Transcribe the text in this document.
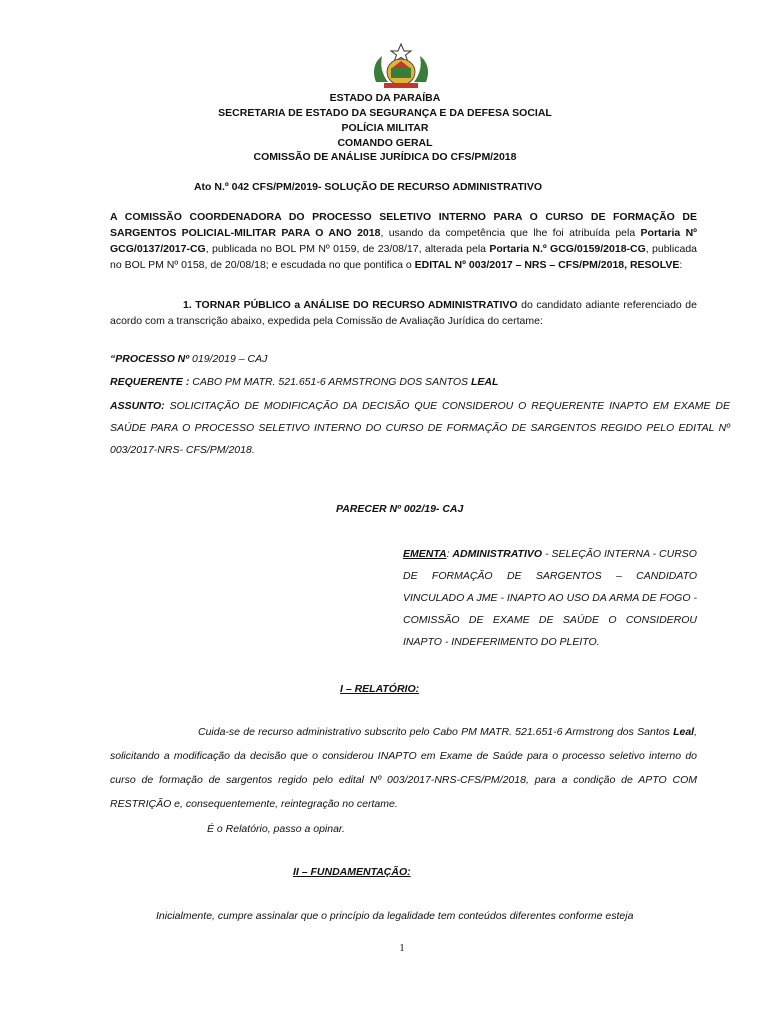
ESTADO DA PARAÍBA
SECRETARIA DE ESTADO DA SEGURANÇA E DA DEFESA SOCIAL
POLÍCIA MILITAR
COMANDO GERAL
COMISSÃO DE ANÁLISE JURÍDICA DO CFS/PM/2018
Ato N.º 042 CFS/PM/2019- SOLUÇÃO DE RECURSO ADMINISTRATIVO
A COMISSÃO COORDENADORA DO PROCESSO SELETIVO INTERNO PARA O CURSO DE FORMAÇÃO DE SARGENTOS POLICIAL-MILITAR PARA O ANO 2018, usando da competência que lhe foi atribuída pela Portaria Nº GCG/0137/2017-CG, publicada no BOL PM Nº 0159, de 23/08/17, alterada pela Portaria N.º GCG/0159/2018-CG, publicada no BOL PM Nº 0158, de 20/08/18; e escudada no que pontifica o EDITAL Nº 003/2017 – NRS – CFS/PM/2018, RESOLVE:
1. TORNAR PÚBLICO a ANÁLISE DO RECURSO ADMINISTRATIVO do candidato adiante referenciado de acordo com a transcrição abaixo, expedida pela Comissão de Avaliação Jurídica do certame:
“PROCESSO Nº 019/2019 – CAJ
REQUERENTE : CABO PM MATR. 521.651-6 ARMSTRONG DOS SANTOS LEAL
ASSUNTO: SOLICITAÇÃO DE MODIFICAÇÃO DA DECISÃO QUE CONSIDEROU O REQUERENTE INAPTO EM EXAME DE SAÚDE PARA O PROCESSO SELETIVO INTERNO DO CURSO DE FORMAÇÃO DE SARGENTOS REGIDO PELO EDITAL Nº 003/2017-NRS- CFS/PM/2018.
PARECER Nº 002/19- CAJ
EMENTA: ADMINISTRATIVO - SELEÇÃO INTERNA - CURSO DE FORMAÇÃO DE SARGENTOS – CANDIDATO VINCULADO A JME - INAPTO AO USO DA ARMA DE FOGO - COMISSÃO DE EXAME DE SAÚDE O CONSIDEROU INAPTO - INDEFERIMENTO DO PLEITO.
I – RELATÓRIO:
Cuida-se de recurso administrativo subscrito pelo Cabo PM MATR. 521.651-6 Armstrong dos Santos Leal, solicitando a modificação da decisão que o considerou INAPTO em Exame de Saúde para o processo seletivo interno do curso de formação de sargentos regido pelo edital Nº 003/2017-NRS-CFS/PM/2018, para a condição de APTO COM RESTRIÇÃO e, consequentemente, reintegração no certame.
É o Relatório, passo a opinar.
II – FUNDAMENTAÇÃO:
Inicialmente, cumpre assinalar que o princípio da legalidade tem conteúdos diferentes conforme esteja
1
